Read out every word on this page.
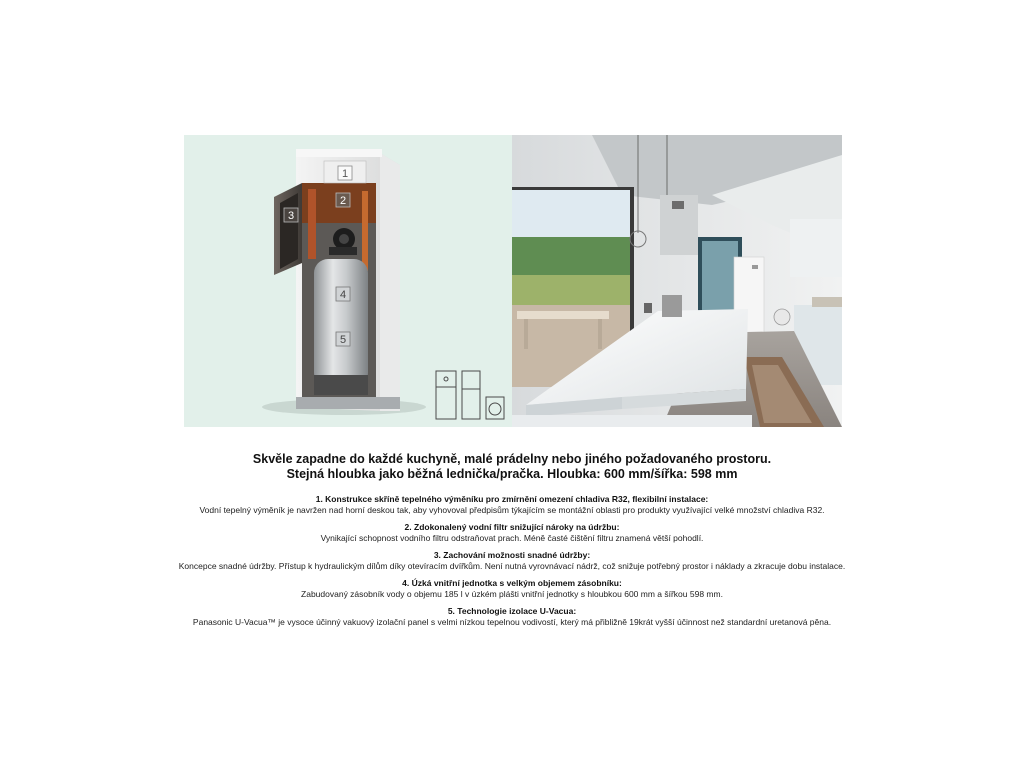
1
2
3
4
5

Skvěle zapadne do každé kuchyně, malé prádelny nebo jiného požadovaného prostoru.

Stejná hloubka jako běžná lednička/pračka. Hloubka: 600 mm/šířka: 598 mm

1. Konstrukce skříně tepelného výměníku pro zmírnění omezení chladiva R32, flexibilní instalace:
Vodní tepelný výměník je navržen nad horní deskou tak, aby vyhovoval předpisům týkajícím se montážní oblasti pro produkty využívající velké množství chladiva R32.
2. Zdokonalený vodní filtr snižující nároky na údržbu:
Vynikající schopnost vodního filtru odstraňovat prach. Méně časté čištění filtru znamená větší pohodlí.
3. Zachování možnosti snadné údržby:
Koncepce snadné údržby. Přístup k hydraulickým dílům díky otevíracím dvířkům. Není nutná vyrovnávací nádrž, což snižuje potřebný prostor i náklady a zkracuje dobu instalace.
4. Úzká vnitřní jednotka s velkým objemem zásobníku:
Zabudovaný zásobník vody o objemu 185 l v úzkém plášti vnitřní jednotky s hloubkou 600 mm a šířkou 598 mm.
5. Technologie izolace U-Vacua:
Panasonic U-Vacua™ je vysoce účinný vakuový izolační panel s velmi nízkou tepelnou vodivostí, který má přibližně 19krát vyšší účinnost než standardní uretanová pěna.
